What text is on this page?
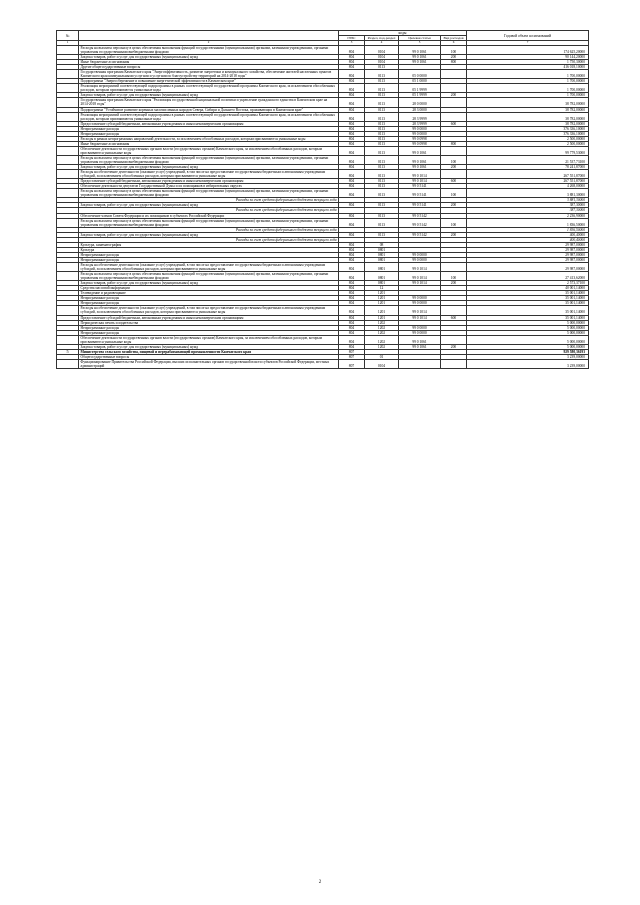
№		коды				Годовой объем ассигнований
		ГРБС	Раздел, под-раздел	Целевая статья	Вид расходов	
1	2	3	4	5	6	7
	Расходы на выплаты персоналу в целях обеспечения выполнения функций государственными (муниципальными) органами, казенными учреждениями, органами управления государственными внебюджетными фондами	804	0104	99 0 1061	100	174 625,20000
	Закупка товаров, работ и услуг для государственных (муниципальных) нужд	804	0104	99 0 1061	200	90 144,20000
	Иные бюджетные ассигнования	804	0104	99 0 1061	800	1 750,30000
	Другие общегосударственные вопросы	804	0113			416 018,10000
	Государственная программа Камчатского края "Энергоэффективность, развитие энергетики и коммунального хозяйства, обеспечение жителей населенных пунктов Камчатского края коммунальными услугами и услугами по благоустройству территорий на 2014-2018 годы"	804	0113	05 0 0000		1 700,00000
	Подпрограмма "Энергосбережение и повышение энергетической эффективности в Камчатском крае"	804	0113	05 1 0000		1 700,00000
	Реализация мероприятий соответствующей подпрограммы в рамках соответствующей государственной программы Камчатского края, за исключением обособленных расходов, которым присваиваются уникальные коды	804	0113	05 1 9999		1 700,00000
	Закупка товаров, работ и услуг для государственных (муниципальных) нужд	804	0113	05 1 9999	200	1 700,00000
	Государственная программа Камчатского края "Реализация государственной национальной политики и укрепление гражданского единства в Камчатском крае на 2014-2018 годы"	804	0113	28 0 0000		38 782,00000
	Подпрограмма "Устойчивое развитие коренных малочисленных народов Севера, Сибири и Дальнего Востока, проживающих в Камчатском крае"	804	0113	28 3 0000		38 782,00000
	Реализация мероприятий соответствующей подпрограммы в рамках соответствующей государственной программы Камчатского края, за исключением обособленных расходов, которым присваиваются уникальные коды	804	0113	28 3 9999		38 782,00000
	Предоставление субсидий бюджетным, автономным учреждениям и иным некоммерческим организациям	804	0113	28 3 9999	600	38 782,00000
	Непрограммные расходы	804	0113	99 0 0000		376 336,10000
	Непрограммные расходы	804	0113	99 0 0000		376 336,10000
	Расходы в рамках непрограммных направлений деятельности, за исключением обособленных расходов, которым присваиваются уникальные коды	804	0113	99 0 0998		2 500,00000
	Иные бюджетные ассигнования	804	0113	99 0 0998	800	2 500,00000
	Обеспечение деятельности государственных органов власти (государственных органов) Камчатского края, за исключением обособленных расходов, которым присваиваются уникальные коды	804	0113	99 0 1061		99 779,53000
	Расходы на выплаты персоналу в целях обеспечения выполнения функций государственными (муниципальными) органами, казенными учреждениями, органами управления государственными внебюджетными фондами	804	0113	99 0 1061	100	21 537,73100
	Закупка товаров, работ и услуг для государственных (муниципальных) нужд	804	0113	99 0 1061	200	78 241,87000
	Расходы на обеспечение деятельности (оказание услуг) учреждений, в том числе на предоставление государственным бюджетным и автономным учреждениям субсидий, за исключением обособленных расходов, которым присваиваются уникальные коды	804	0113	99 0 1014		267 551,87000
	Предоставление субсидий бюджетным, автономным учреждениям и иным некоммерческим организациям	804	0113	99 0 1014	600	267 551,87000
	Обеспечение деятельности депутатов Государственной Думы и их помощников в избирательных округах	804	0113	99 0 5141		4 268,00000
	Расходы на выплаты персоналу в целях обеспечения выполнения функций государственными (муниципальными) органами, казенными учреждениями, органами управления государственными внебюджетными фондами	804	0113	99 0 5141	100	3 881,30000
	Расходы за счет средств федерального бюджета текущего года					3 881,30000
	Закупка товаров, работ и услуг для государственных (муниципальных) нужд	804	0113	99 0 5141	200	387,30000
	Расходы за счет средств федерального бюджета текущего года					387,30000
	Обеспечение членов Совета Федерации и их помощников в субъектах Российской Федерации	804	0113	99 0 5142		2 236,90000
	Расходы на выплаты персоналу в целях обеспечения выполнения функций государственными (муниципальными) органами, казенными учреждениями, органами управления государственными внебюджетными фондами	804	0113	99 0 5142	100	1 836,50000
	Расходы за счет средств федерального бюджета текущего года					1 836,50000
	Закупка товаров, работ и услуг для государственных (муниципальных) нужд	804	0113	99 0 5142	200	400,40000
	Расходы за счет средств федерального бюджета текущего года					400,40000
	Культура, кинематография	804	08			29 987,00000
	Культура	804	0801			29 987,00000
	Непрограммные расходы	804	0801	99 0 0000		29 987,00000
	Непрограммные расходы	804	0801	99 0 0000		29 987,00000
	Расходы на обеспечение деятельности (оказание услуг) учреждений, в том числе на предоставление государственным бюджетным и автономным учреждениям субсидий, за исключением обособленных расходов, которым присваиваются уникальные коды	804	0801	99 0 1014		29 987,00000
	Расходы на выплаты персоналу в целях обеспечения выполнения функций государственными (муниципальными) органами, казенными учреждениями, органами управления государственными внебюджетными фондами	804	0801	99 0 1014	100	27 413,62000
	Закупка товаров, работ и услуг для государственных (муниципальных) нужд	804	0801	99 0 1014	200	2 573,37100
	Средства массовой информации	804	12			40 001,14000
	Телевидение и радиовещание	804	1201			35 001,14000
	Непрограммные расходы	804	1201	99 0 0000		35 001,14000
	Непрограммные расходы	804	1201	99 0 0000		35 001,14000
	Расходы на обеспечение деятельности (оказание услуг) учреждений, в том числе на предоставление государственным бюджетным и автономным учреждениям субсидий, за исключением обособленных расходов, которым присваиваются уникальные коды	804	1201	99 0 1014		35 001,14000
	Предоставление субсидий бюджетным, автономным учреждениям и иным некоммерческим организациям	804	1201	99 0 1014	600	35 001,14000
	Периодическая печать и издательства	804	1202			5 000,00000
	Непрограммные расходы	804	1202	99 0 0000		5 000,00000
	Непрограммные расходы	804	1202	99 0 0000		5 000,00000
	Обеспечение деятельности государственных органов власти (государственных органов) Камчатского края, за исключением обособленных расходов, которым присваиваются уникальные коды	804	1202	99 0 1061		5 000,00000
	Закупка товаров, работ и услуг для государственных (муниципальных) нужд	804	1202	99 0 1061	200	5 000,00000
5	Министерство сельского хозяйства, пищевой и перерабатывающей промышленности Камчатского края	807				929 580,36193
	Общегосударственные вопросы	807	01			3 239,00000
	Функционирование Правительства Российской Федерации, высших исполнительных органов государственной власти субъектов Российской Федерации, местных администраций	807	0104			3 239,00000
2
